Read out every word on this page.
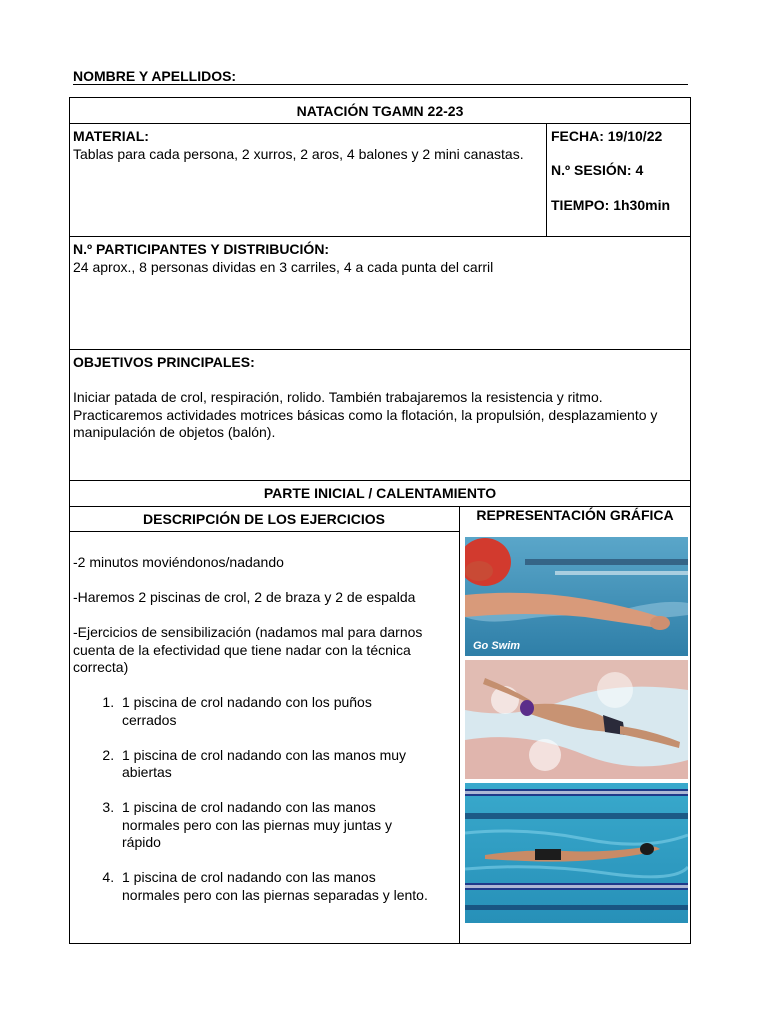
NOMBRE Y APELLIDOS:
NATACIÓN TGAMN 22-23
MATERIAL:
Tablas para cada persona, 2 xurros, 2 aros, 4 balones y 2 mini canastas.
FECHA: 19/10/22
N.º SESIÓN: 4
TIEMPO: 1h30min
N.º PARTICIPANTES Y DISTRIBUCIÓN:
24 aprox., 8 personas dividas en 3 carriles, 4 a cada punta del carril
OBJETIVOS PRINCIPALES:
Iniciar patada de crol, respiración, rolido. También trabajaremos la resistencia y ritmo. Practicaremos actividades motrices básicas como la flotación, la propulsión, desplazamiento y manipulación de objetos (balón).
PARTE INICIAL / CALENTAMIENTO
DESCRIPCIÓN DE LOS EJERCICIOS	REPRESENTACIÓN GRÁFICA
-2 minutos moviéndonos/nadando
-Haremos 2 piscinas de crol, 2 de braza y 2 de espalda
-Ejercicios de sensibilización (nadamos mal para darnos cuenta de la efectividad que tiene nadar con la técnica correcta)
1. 1 piscina de crol nadando con los puños cerrados
2. 1 piscina de crol nadando con las manos muy abiertas
3. 1 piscina de crol nadando con las manos normales pero con las piernas muy juntas y rápido
4. 1 piscina de crol nadando con las manos normales pero con las piernas separadas y lento.
Go Swim
